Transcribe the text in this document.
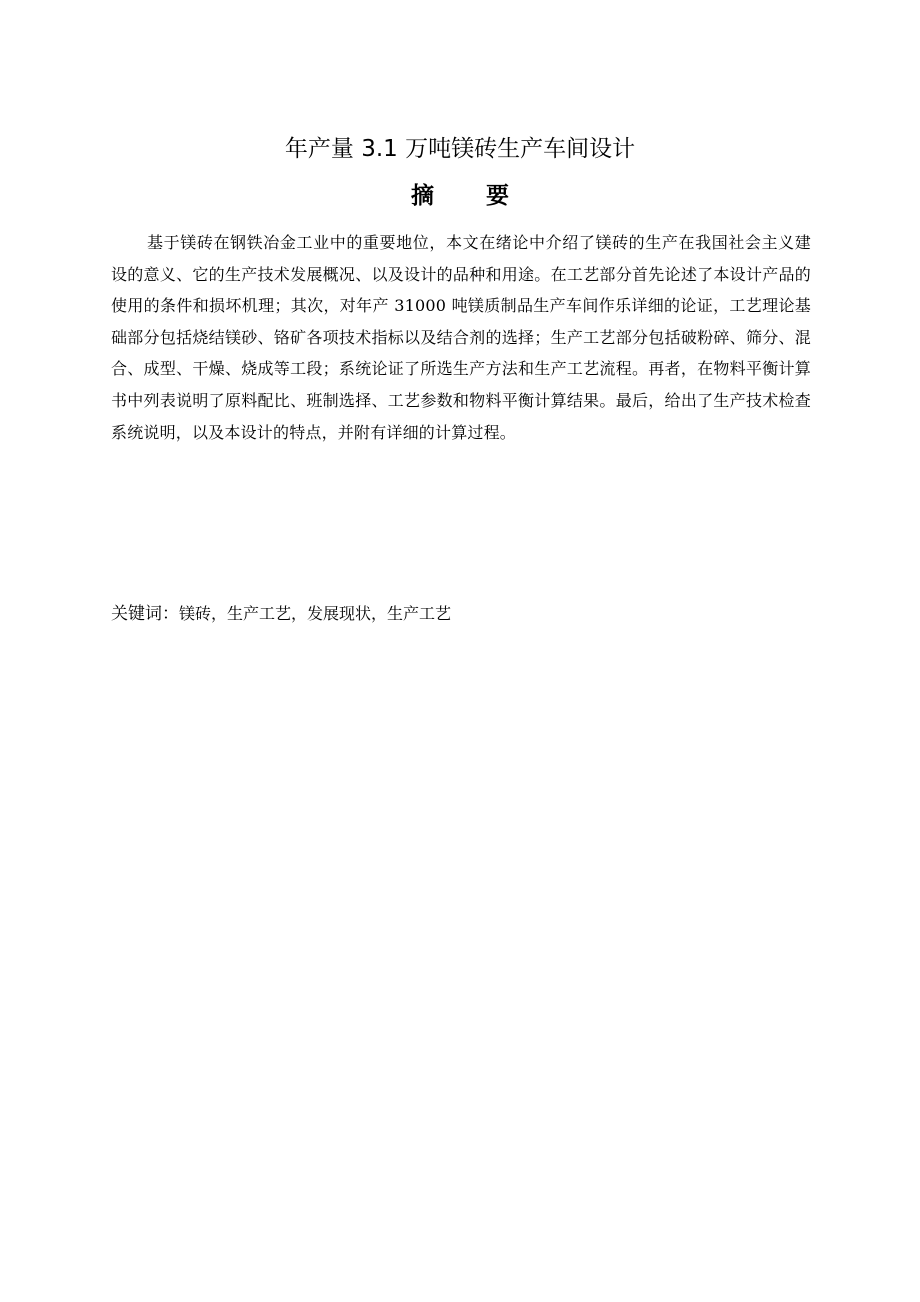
年产量 3.1 万吨镁砖生产车间设计
摘要

基于镁砖在钢铁冶金工业中的重要地位，本文在绪论中介绍了镁砖的生产在我国社会主义建设的意义、它的生产技术发展概况、以及设计的品种和用途。在工艺部分首先论述了本设计产品的使用的条件和损坏机理；其次，对年产 31000 吨镁质制品生产车间作乐详细的论证，工艺理论基础部分包括烧结镁砂、铬矿各项技术指标以及结合剂的选择；生产工艺部分包括破粉碎、筛分、混合、成型、干燥、烧成等工段；系统论证了所选生产方法和生产工艺流程。再者，在物料平衡计算书中列表说明了原料配比、班制选择、工艺参数和物料平衡计算结果。最后，给出了生产技术检查系统说明，以及本设计的特点，并附有详细的计算过程。

关键词：镁砖，生产工艺，发展现状，生产工艺
